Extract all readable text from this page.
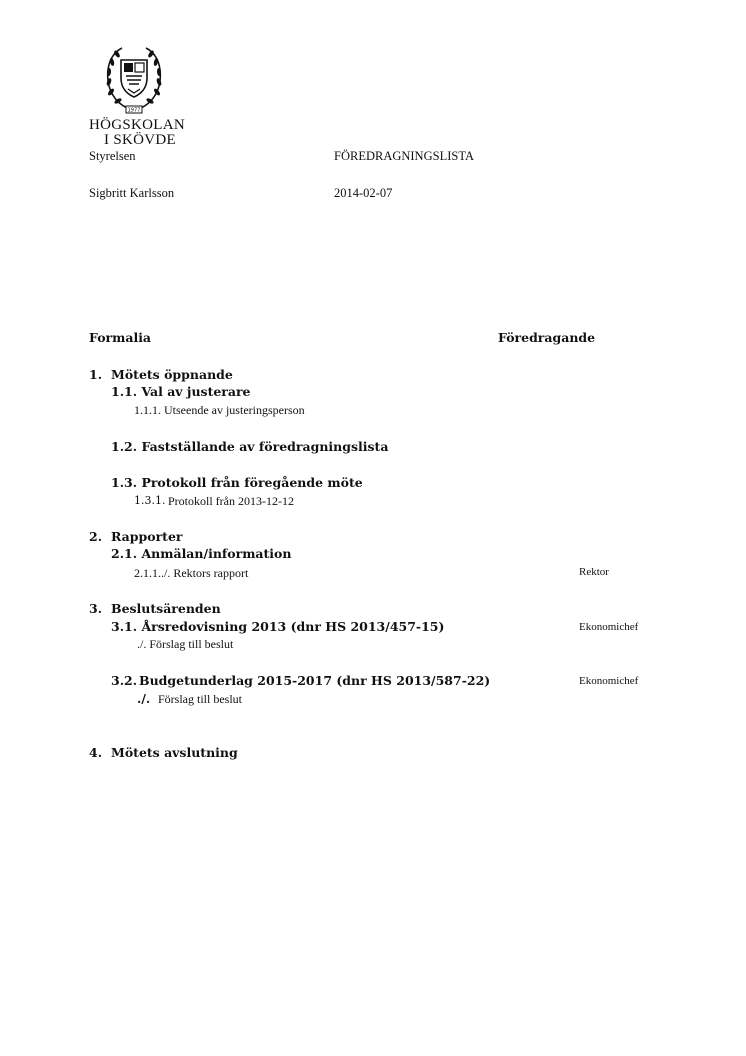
1977
HÖGSKOLAN
I SKÖVDE
Styrelsen	FÖREDRAGNINGSLISTA
Sigbritt Karlsson	2014-02-07
Formalia	Föredragande
1. Mötets öppnande
1.1. Val av justerare
1.1.1. Utseende av justeringsperson
1.2. Fastställande av föredragningslista
1.3. Protokoll från föregående möte
1.3.1. Protokoll från 2013-12-12
2. Rapporter
2.1. Anmälan/information
2.1.1../. Rektors rapport	Rektor
3. Beslutsärenden
3.1. Årsredovisning 2013 (dnr HS 2013/457-15)	Ekonomichef
./. Förslag till beslut
3.2. Budgetunderlag 2015-2017 (dnr HS 2013/587-22)	Ekonomichef
./. Förslag till beslut
4. Mötets avslutning
